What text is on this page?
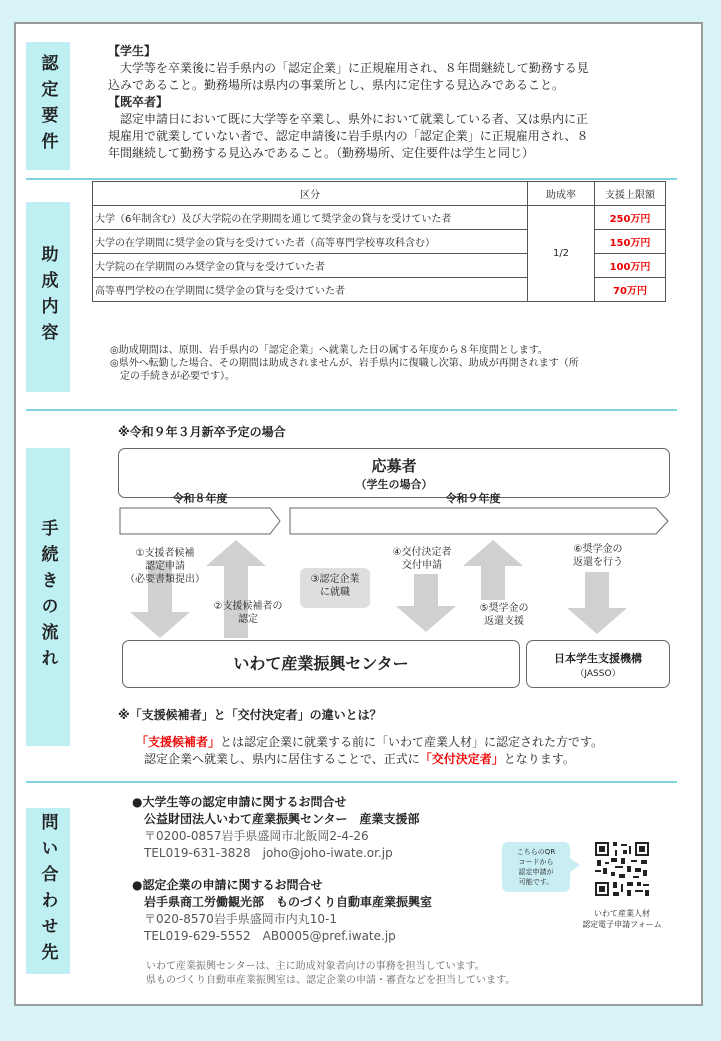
認定要件
【学生】
大学等を卒業後に岩手県内の「認定企業」に正規雇用され、８年間継続して勤務する見
込みであること。勤務場所は県内の事業所とし、県内に定住する見込みであること。
【既卒者】
認定申請日において既に大学等を卒業し、県外において就業している者、又は県内に正
規雇用で就業していない者で、認定申請後に岩手県内の「認定企業」に正規雇用され、８
年間継続して勤務する見込みであること。（勤務場所、定住要件は学生と同じ）
助成内容
区分	助成率	支援上限額
大学（6年制含む）及び大学院の在学期間を通じて奨学金の貸与を受けていた者	1/2	250万円
大学の在学期間に奨学金の貸与を受けていた者（高等専門学校専攻科含む）		150万円
大学院の在学期間のみ奨学金の貸与を受けていた者		100万円
高等専門学校の在学期間に奨学金の貸与を受けていた者		70万円
◎助成期間は、原則、岩手県内の「認定企業」へ就業した日の属する年度から８年度間とします。
◎県外へ転勤した場合、その期間は助成されませんが、岩手県内に復職し次第、助成が再開されます（所
定の手続きが必要です）。
手続きの流れ
※令和９年３月新卒予定の場合
応募者
（学生の場合）
令和８年度	令和９年度
①支援者候補
認定申請
（必要書類提出）
②支援候補者の
認定
③認定企業
に就職
④交付決定者
交付申請
⑤奨学金の
返還支援
⑥奨学金の
返還を行う
いわて産業振興センター	日本学生支援機構
（JASSO）
※「支援候補者」と「交付決定者」の違いとは？
「支援候補者」とは認定企業に就業する前に「いわて産業人材」に認定された方です。
認定企業へ就業し、県内に居住することで、正式に「交付決定者」となります。
問い合わせ先
●大学生等の認定申請に関するお問合せ
公益財団法人いわて産業振興センター　産業支援部
〒0200-0857岩手県盛岡市北飯岡2-4-26
TEL019-631-3828　joho@joho-iwate.or.jp
●認定企業の申請に関するお問合せ
岩手県商工労働観光部　ものづくり自動車産業振興室
〒020-8570岩手県盛岡市内丸10-1
TEL019-629-5552　AB0005@pref.iwate.jp
こちらのQR
コードから
認定申請が
可能です。
いわて産業人材
認定電子申請フォーム
いわて産業振興センターは、主に助成対象者向けの事務を担当しています。
県ものづくり自動車産業振興室は、認定企業の申請・審査などを担当しています。
